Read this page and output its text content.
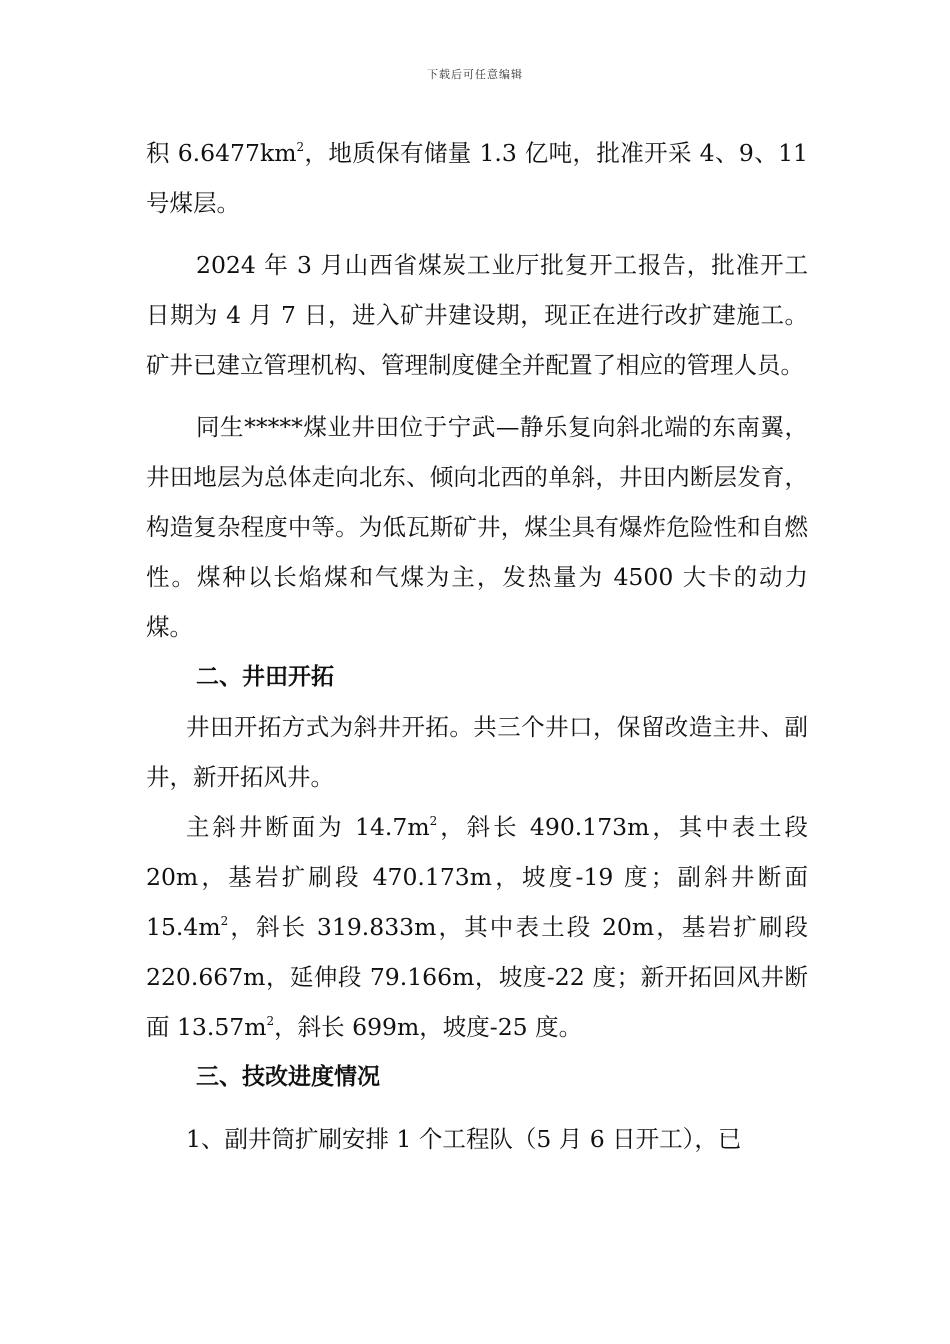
下载后可任意编辑

积 $6.6477km^2$，地质保有储量 1.3 亿吨，批准开采 4、9、11 号煤层。

2024 年 3 月山西省煤炭工业厅批复开工报告，批准开工日期为 4 月 7 日，进入矿井建设期，现正在进行改扩建施工。矿井已建立管理机构、管理制度健全并配置了相应的管理人员。

同生*****煤业井田位于宁武—静乐复向斜北端的东南翼，井田地层为总体走向北东、倾向北西的单斜，井田内断层发育，构造复杂程度中等。为低瓦斯矿井，煤尘具有爆炸危险性和自燃性。煤种以长焰煤和气煤为主，发热量为 4500 大卡的动力煤。

二、井田开拓

井田开拓方式为斜井开拓。共三个井口，保留改造主井、副井，新开拓风井。

主斜井断面为 $14.7m^2$，斜长 490.173m，其中表土段 20m，基岩扩刷段 470.173m，坡度-19 度；副斜井断面 $15.4m^2$，斜长 319.833m，其中表土段 20m，基岩扩刷段 220.667m，延伸段 79.166m，坡度-22 度；新开拓回风井断面 $13.57m^2$，斜长 699m，坡度-25 度。

三、技改进度情况

1、副井筒扩刷安排 1 个工程队（5 月 6 日开工），已
